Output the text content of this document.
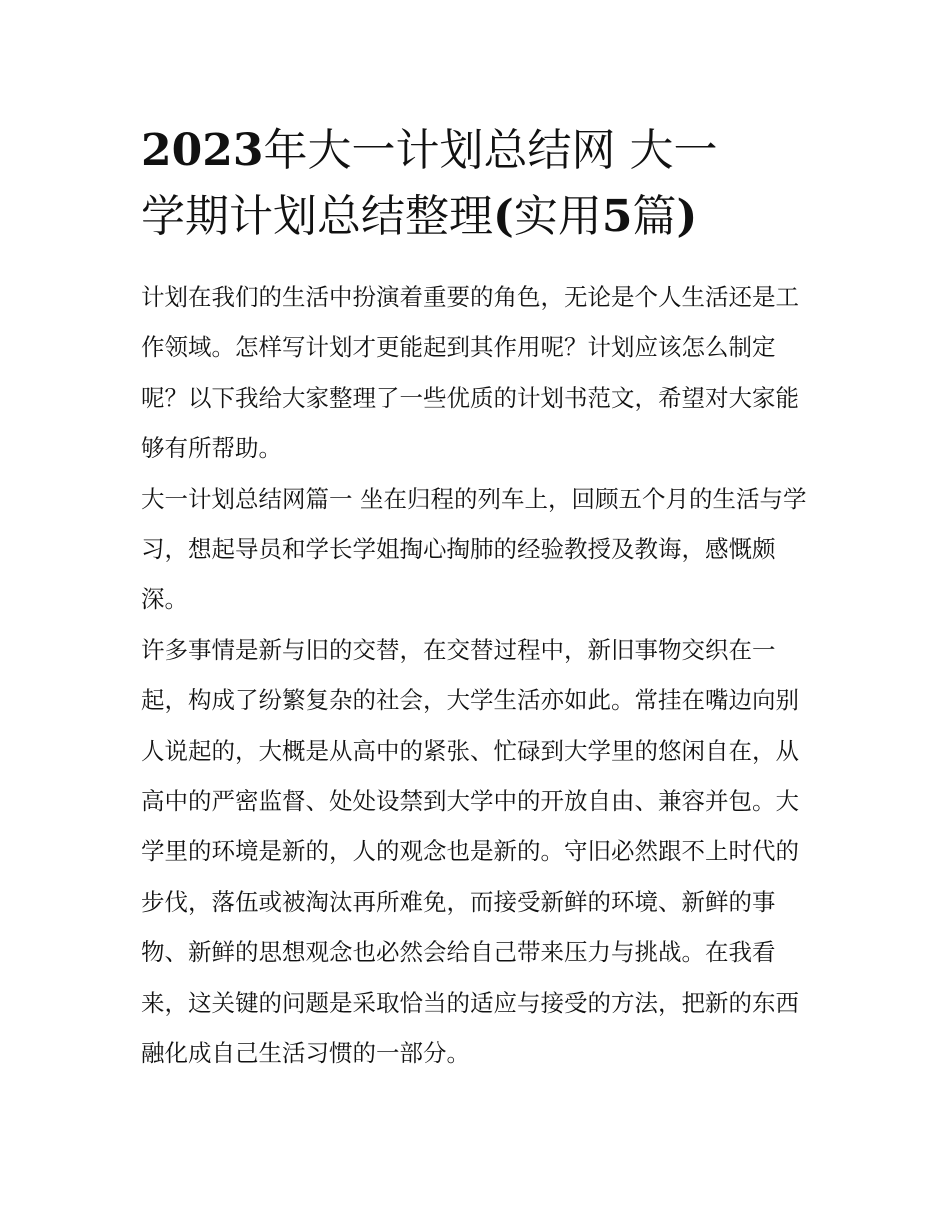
2023年大一计划总结网 大一
学期计划总结整理(实用5篇)

计划在我们的生活中扮演着重要的角色，无论是个人生活还是工作领域。怎样写计划才更能起到其作用呢？计划应该怎么制定呢？以下我给大家整理了一些优质的计划书范文，希望对大家能够有所帮助。

大一计划总结网篇一 坐在归程的列车上，回顾五个月的生活与学习，想起导员和学长学姐掏心掏肺的经验教授及教诲，感慨颇深。

许多事情是新与旧的交替，在交替过程中，新旧事物交织在一起，构成了纷繁复杂的社会，大学生活亦如此。常挂在嘴边向别人说起的，大概是从高中的紧张、忙碌到大学里的悠闲自在，从高中的严密监督、处处设禁到大学中的开放自由、兼容并包。大学里的环境是新的，人的观念也是新的。守旧必然跟不上时代的步伐，落伍或被淘汰再所难免，而接受新鲜的环境、新鲜的事物、新鲜的思想观念也必然会给自己带来压力与挑战。在我看来，这关键的问题是采取恰当的适应与接受的方法，把新的东西融化成自己生活习惯的一部分。
